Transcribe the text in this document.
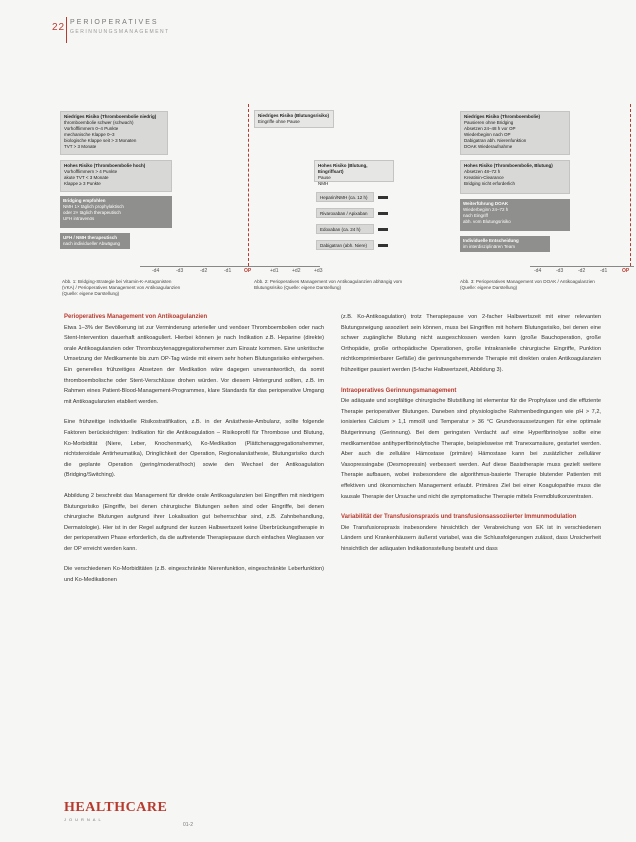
22 PERIOPERATIVES
GERINNUNGSMANAGEMENT
Niedriges Risiko (Thromboembolie niedrig)
thromboembolie schwer (schwach)
Vorhofflimmern 0–4 Punkte
mechanische Klappe 0–3
biologische Klappe seit > 3 Monaten
TVT > 3 Monate
Hohes Risiko (Thromboembolie hoch)
Vorhofflimmern > 4 Punkte
akute TVT < 3 Monate
Klappe ≥ 3 Punkte
Bridging empfohlen
NMH 1× täglich prophylaktisch
oder 2× täglich therapeutisch
UFH intravenös
UFH / NMH therapeutisch
nach individueller Abwägung
Niedriges Risiko (Blutungsrisiko)
Eingriffe ohne Pause
Hohes Risiko (Blutung, Eingriffsart)
Pause
NMH
Heparin/NMH (ca. 12 h)
Rivaroxaban / Apixaban
Edoxaban (ca. 24 h)
Dabigatran (abh. Niere)
-d4	-d3	-d2	-d1	OP	+d1	+d2	+d3
Niedriges Risiko (Thromboembolie)
Pausieren ohne Bridging
Absetzen 24–48 h vor OP
Wiederbeginn nach OP
Dabigatran abh. Nierenfunktion
DOAK Wiederaufnahme
Hohes Risiko (Thromboembolie, Blutung)
Absetzen 48–72 h
Kreatinin-Clearance
Bridging nicht erforderlich
Weiterführung DOAK
Wiederbeginn 24–72 h
nach Eingriff
abh. vom Blutungsrisiko
Individuelle Entscheidung
im interdisziplinären Team
-d4	-d3	-d2	-d1	OP
Abb. 1: Bridging-Strategie bei Vitamin-K-Antagonisten (VKA) / Perioperatives Management von Antikoagulanzien (Quelle: eigene Darstellung)
Abb. 2: Perioperatives Management von Antikoagulanzien abhängig vom Blutungsrisiko (Quelle: eigene Darstellung)
Abb. 3: Perioperatives Management von DOAK / Antikoagulanzien (Quelle: eigene Darstellung)
Perioperatives Management von Antikoagulanzien

Etwa 1–3% der Bevölkerung ist zur Verminderung arterieller und venöser Thromboembolien oder nach Stent-Intervention dauerhaft antikoaguliert. Hierbei können je nach Indikation z.B. Heparine (direkte) orale Antikoagulanzien oder Thrombozytenaggregationshemmer zum Einsatz kommen. Eine unkritische Umsetzung der Medikamente bis zum OP-Tag würde mit einem sehr hohen Blutungsrisiko einhergehen. Ein generelles frühzeitiges Absetzen der Medikation wäre dagegen unverantwortlich, da somit thromboembolische oder Stent-Verschlüsse drohen würden. Vor diesem Hintergrund sollten, z.B. im Rahmen eines Patient-Blood-Management-Programmes, klare Standards für das perioperative Umgang mit Antikoagulanzien etabliert werden.

Eine frühzeitige individuelle Risikostratifikation, z.B. in der Anästhesie-Ambulanz, sollte folgende Faktoren berücksichtigen: Indikation für die Antikoagulation – Risikoprofil für Thrombose und Blutung, Ko-Morbidität (Niere, Leber, Knochenmark), Ko-Medikation (Plättchenaggregationshemmer, nichtsteroidale Antirheumatika), Dringlichkeit der Operation, Regionalanästhesie, Blutungsrisiko durch die geplante Operation (gering/moderat/hoch) sowie den Wechsel der Antikoagulation (Bridging/Switching).

Abbildung 2 beschreibt das Management für direkte orale Antikoagulanzien bei Eingriffen mit niedrigem Blutungsrisiko (Eingriffe, bei denen chirurgische Blutungen selten sind oder Eingriffe, bei denen chirurgische Blutungen aufgrund ihrer Lokalisation gut beherrschbar sind, z.B. Zahnbehandlung, Dermatologie). Hier ist in der Regel aufgrund der kurzen Halbwertszeit keine Überbrückungstherapie in der perioperativen Phase erforderlich, da die auftretende Therapiepause durch einfaches Weglassen vor der OP erreicht werden kann.

Die verschiedenen Ko-Morbiditäten (z.B. eingeschränkte Nierenfunktion, eingeschränkte Leberfunktion) und Ko-Medikationen

(z.B. Ko-Antikoagulation) trotz Therapiepause von 2-facher Halbwertszeit mit einer relevanten Blutungsneigung assoziiert sein können, muss bei Eingriffen mit hohem Blutungsrisiko, bei denen eine schwer zugängliche Blutung nicht ausgeschlossen werden kann (große Bauchoperation, große Orthopädie, große orthopädische Operationen, große intrakranielle chirurgische Eingriffe, Punktion nichtkomprimierbarer Gefäße) die gerinnungshemmende Therapie mit direkten oralen Antikoagulanzien frühzeitiger pausiert werden (5-fache Halbwertszeit, Abbildung 3).

Intraoperatives Gerinnungsmanagement

Die adäquate und sorgfältige chirurgische Blutstillung ist elementar für die Prophylaxe und die effiziente Therapie perioperativer Blutungen. Daneben sind physiologische Rahmenbedingungen wie pH > 7,2, ionisiertes Calcium > 1,1 mmol/l und Temperatur > 36 °C Grundvoraussetzungen für eine optimale Blutgerinnung (Gerinnung). Bei dem geringsten Verdacht auf eine Hyperfibrinolyse sollte eine medikamentöse antihyperfibrinolytische Therapie, beispielsweise mit Tranexamsäure, gestartet werden. Aber auch die zelluläre Hämostase (primäre) Hämostase kann bei zusätzlicher zellulärer Vasopressingabe (Desmopressin) verbessert werden. Auf diese Basistherapie muss gezielt weitere Therapie aufbauen, wobei insbesondere die algorithmus-basierte Therapie blutender Patienten mit effektiven und ökonomischen Management erlaubt. Primäres Ziel bei einer Koagulopathie muss die kausale Therapie der Ursache und nicht die symptomatische Therapie mittels Fremdblutkonzentraten.

Variabilität der Transfusionspraxis und transfusionsassoziierter Immunmodulation

Die Transfusionspraxis insbesondere hinsichtlich der Verabreichung von EK ist in verschiedenen Ländern und Krankenhäusern äußerst variabel, was die Schlussfolgerungen zulässt, dass Unsicherheit hinsichtlich der adäquaten Indikationsstellung besteht und dass

HEALTHCARE
JOURNAL
01-2
